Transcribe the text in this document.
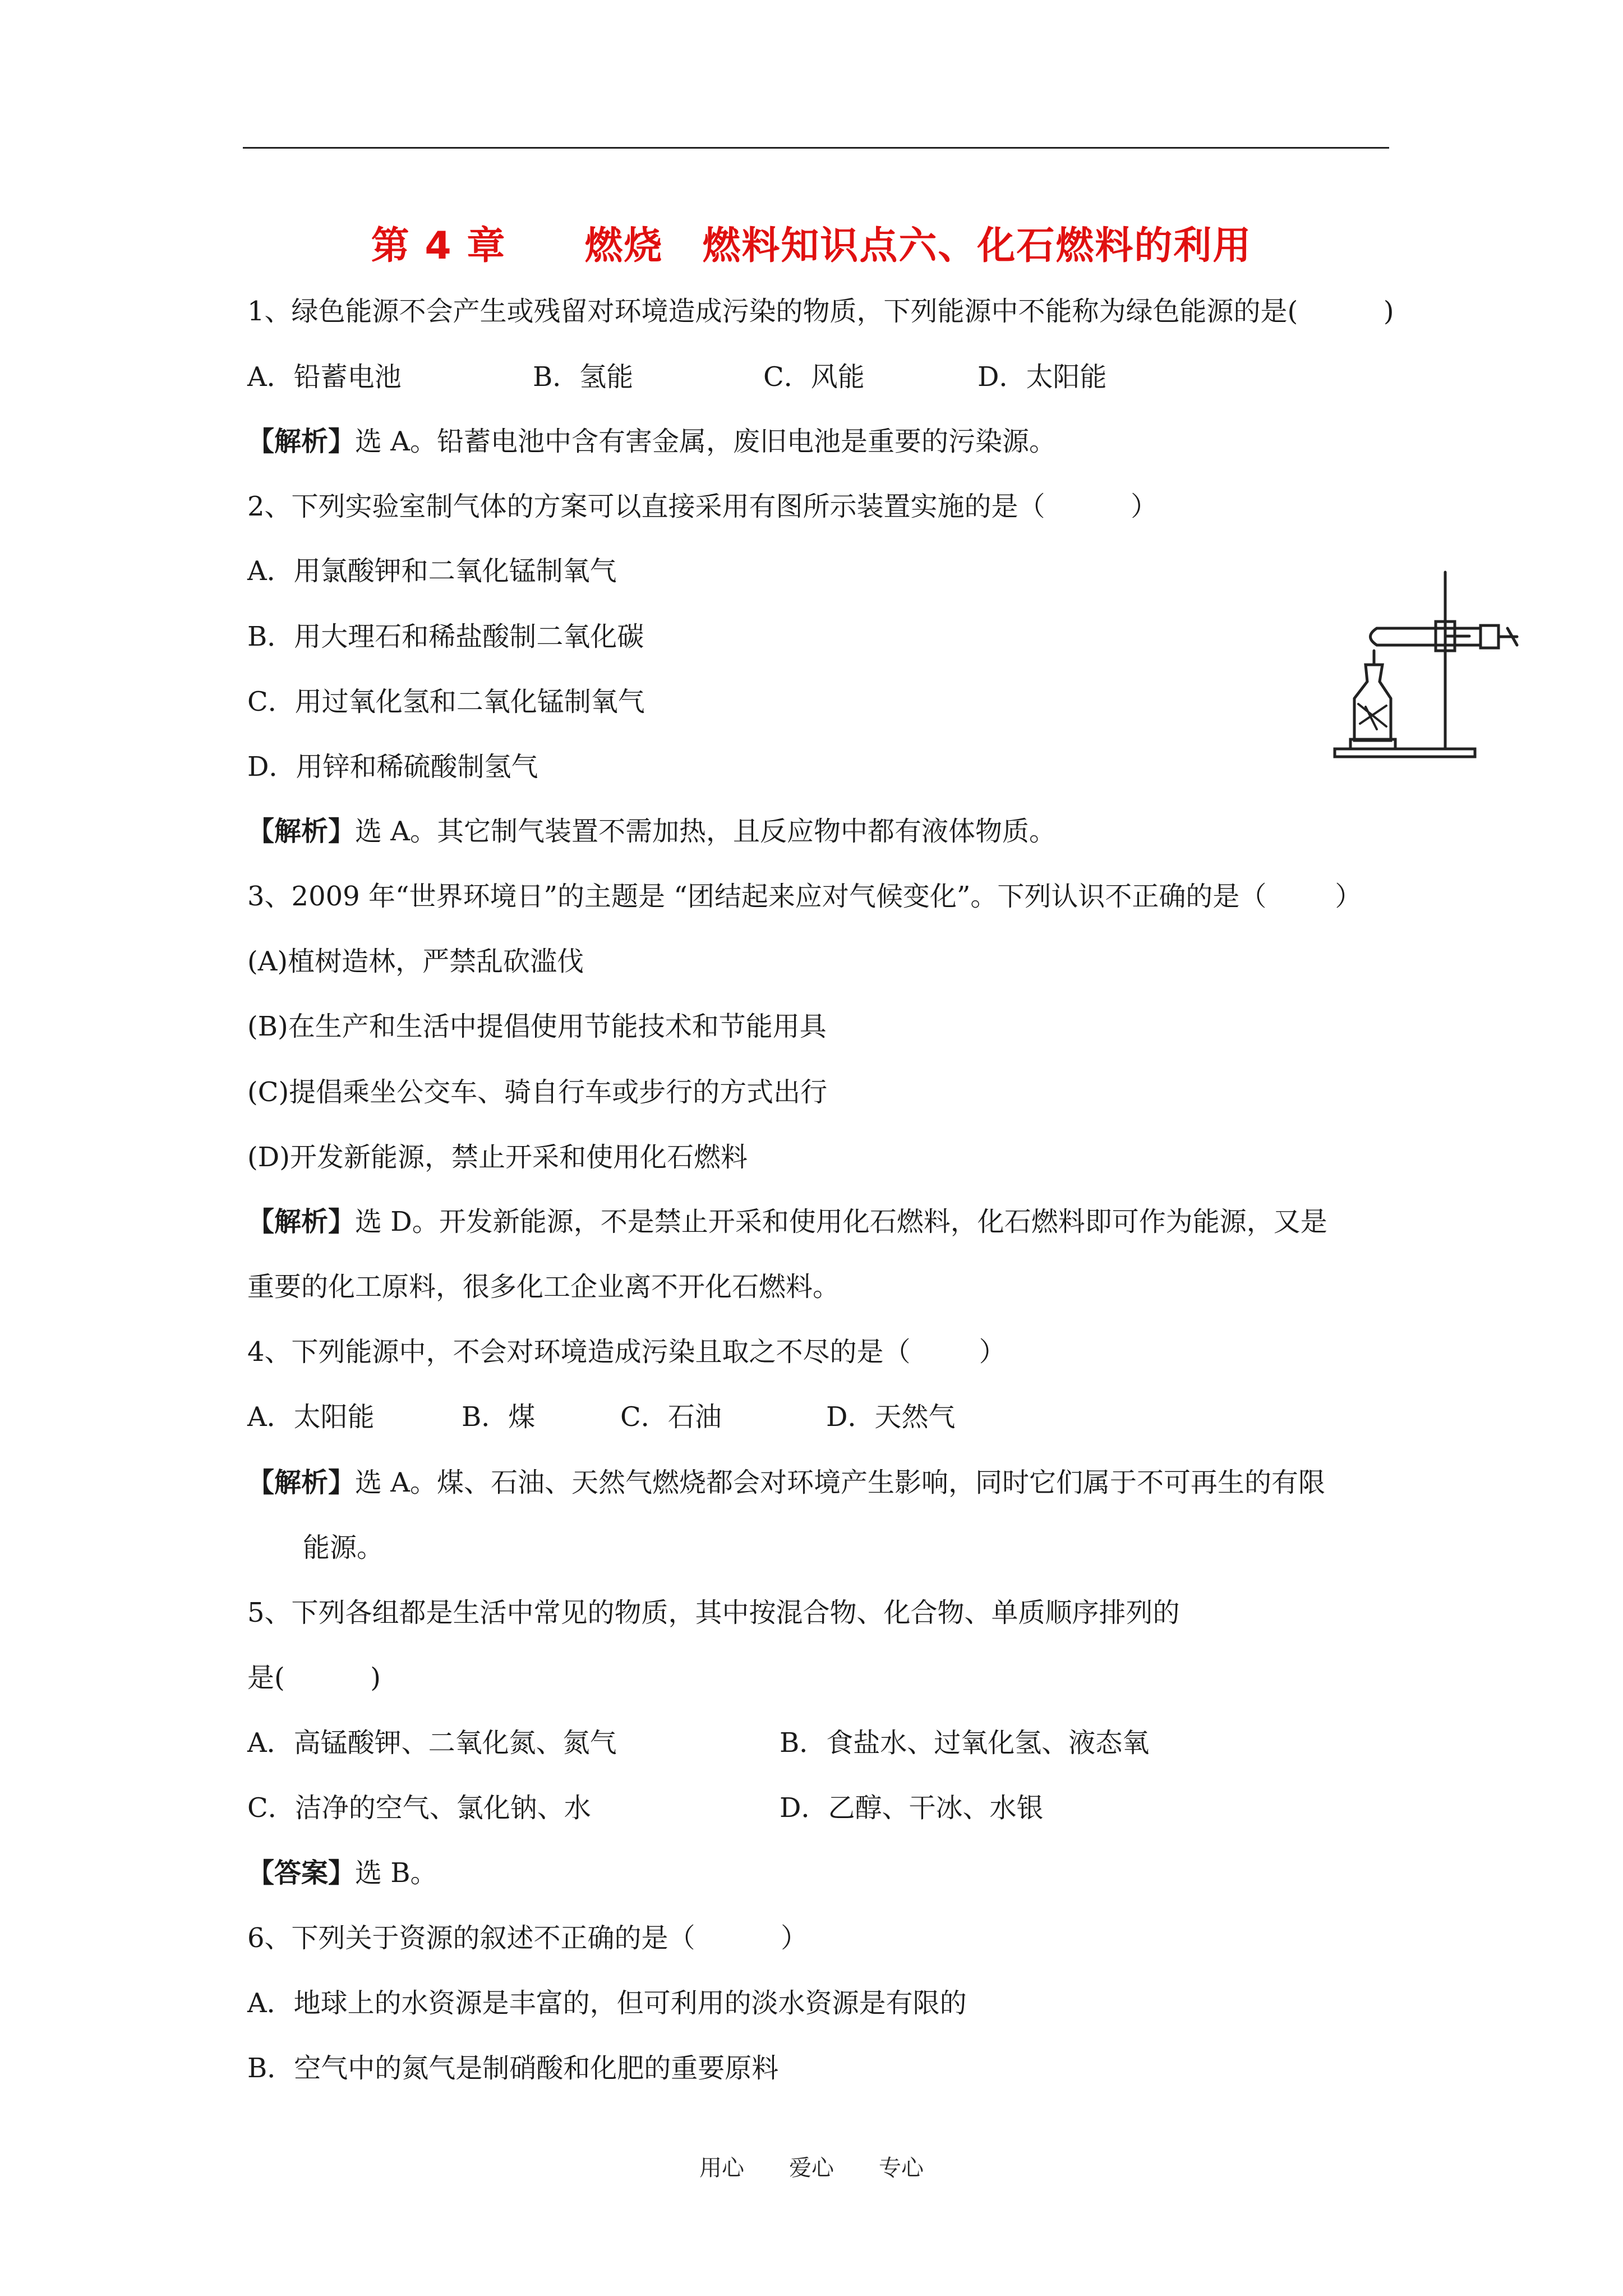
第 4 章　　燃烧　燃料知识点六、化石燃料的利用
1、绿色能源不会产生或残留对环境造成污染的物质，下列能源中不能称为绿色能源的是(          )
A．铅蓄电池	B．氢能	C．风能	D．太阳能
【解析】选 A。铅蓄电池中含有害金属，废旧电池是重要的污染源。
2、下列实验室制气体的方案可以直接采用有图所示装置实施的是（          ）
A．用氯酸钾和二氧化锰制氧气
B．用大理石和稀盐酸制二氧化碳
C．用过氧化氢和二氧化锰制氧气
D．用锌和稀硫酸制氢气
【解析】选 A。其它制气装置不需加热，且反应物中都有液体物质。
3、2009 年“世界环境日”的主题是 “团结起来应对气候变化”。下列认识不正确的是（        ）
(A)植树造林，严禁乱砍滥伐
(B)在生产和生活中提倡使用节能技术和节能用具
(C)提倡乘坐公交车、骑自行车或步行的方式出行
(D)开发新能源，禁止开采和使用化石燃料
【解析】选 D。开发新能源，不是禁止开采和使用化石燃料，化石燃料即可作为能源，又是
重要的化工原料，很多化工企业离不开化石燃料。
4、下列能源中，不会对环境造成污染且取之不尽的是（        ）
A．太阳能	B．煤	C．石油	D．天然气
【解析】选 A。煤、石油、天然气燃烧都会对环境产生影响，同时它们属于不可再生的有限
能源。
5、下列各组都是生活中常见的物质，其中按混合物、化合物、单质顺序排列的
是(          )
A．高锰酸钾、二氧化氮、氮气	B．食盐水、过氧化氢、液态氧
C．洁净的空气、氯化钠、水	D．乙醇、干冰、水银
【答案】选 B。
6、下列关于资源的叙述不正确的是（          ）
A．地球上的水资源是丰富的，但可利用的淡水资源是有限的
B．空气中的氮气是制硝酸和化肥的重要原料
用心　　爱心　　专心
